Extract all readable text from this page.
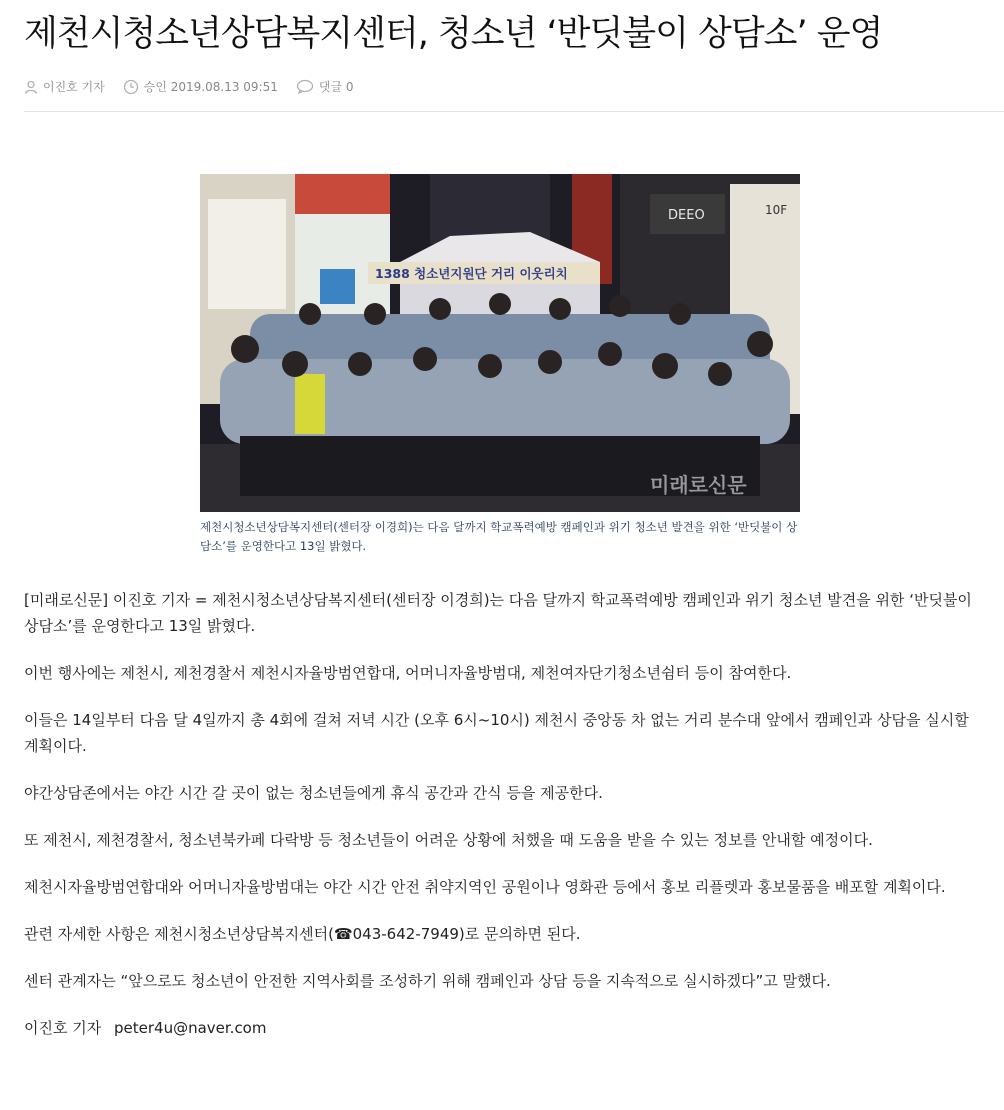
제천시청소년상담복지센터, 청소년 ‘반딧불이 상담소’ 운영
이진호 기자	승인 2019.08.13 09:51	댓글 0
DEEO	10F
1388 청소년지원단 거리 이웃리치
미래로신문
제천시청소년상담복지센터(센터장 이경희)는 다음 달까지 학교폭력예방 캠페인과 위기 청소년 발견을 위한 ‘반딧불이 상담소’를 운영한다고 13일 밝혔다.

[미래로신문] 이진호 기자 = 제천시청소년상담복지센터(센터장 이경희)는 다음 달까지 학교폭력예방 캠페인과 위기 청소년 발견을 위한 ‘반딧불이 상담소’를 운영한다고 13일 밝혔다.

이번 행사에는 제천시, 제천경찰서 제천시자율방범연합대, 어머니자율방범대, 제천여자단기청소년쉼터 등이 참여한다.

이들은 14일부터 다음 달 4일까지 총 4회에 걸쳐 저녁 시간 (오후 6시~10시) 제천시 중앙동 차 없는 거리 분수대 앞에서 캠페인과 상담을 실시할 계획이다.

야간상담존에서는 야간 시간 갈 곳이 없는 청소년들에게 휴식 공간과 간식 등을 제공한다.

또 제천시, 제천경찰서, 청소년북카페 다락방 등 청소년들이 어려운 상황에 처했을 때 도움을 받을 수 있는 정보를 안내할 예정이다.

제천시자율방범연합대와 어머니자율방범대는 야간 시간 안전 취약지역인 공원이나 영화관 등에서 홍보 리플렛과 홍보물품을 배포할 계획이다.

관련 자세한 사항은 제천시청소년상담복지센터(☎043-642-7949)로 문의하면 된다.

센터 관계자는 “앞으로도 청소년이 안전한 지역사회를 조성하기 위해 캠페인과 상담 등을 지속적으로 실시하겠다”고 말했다.

이진호 기자 peter4u@naver.com
